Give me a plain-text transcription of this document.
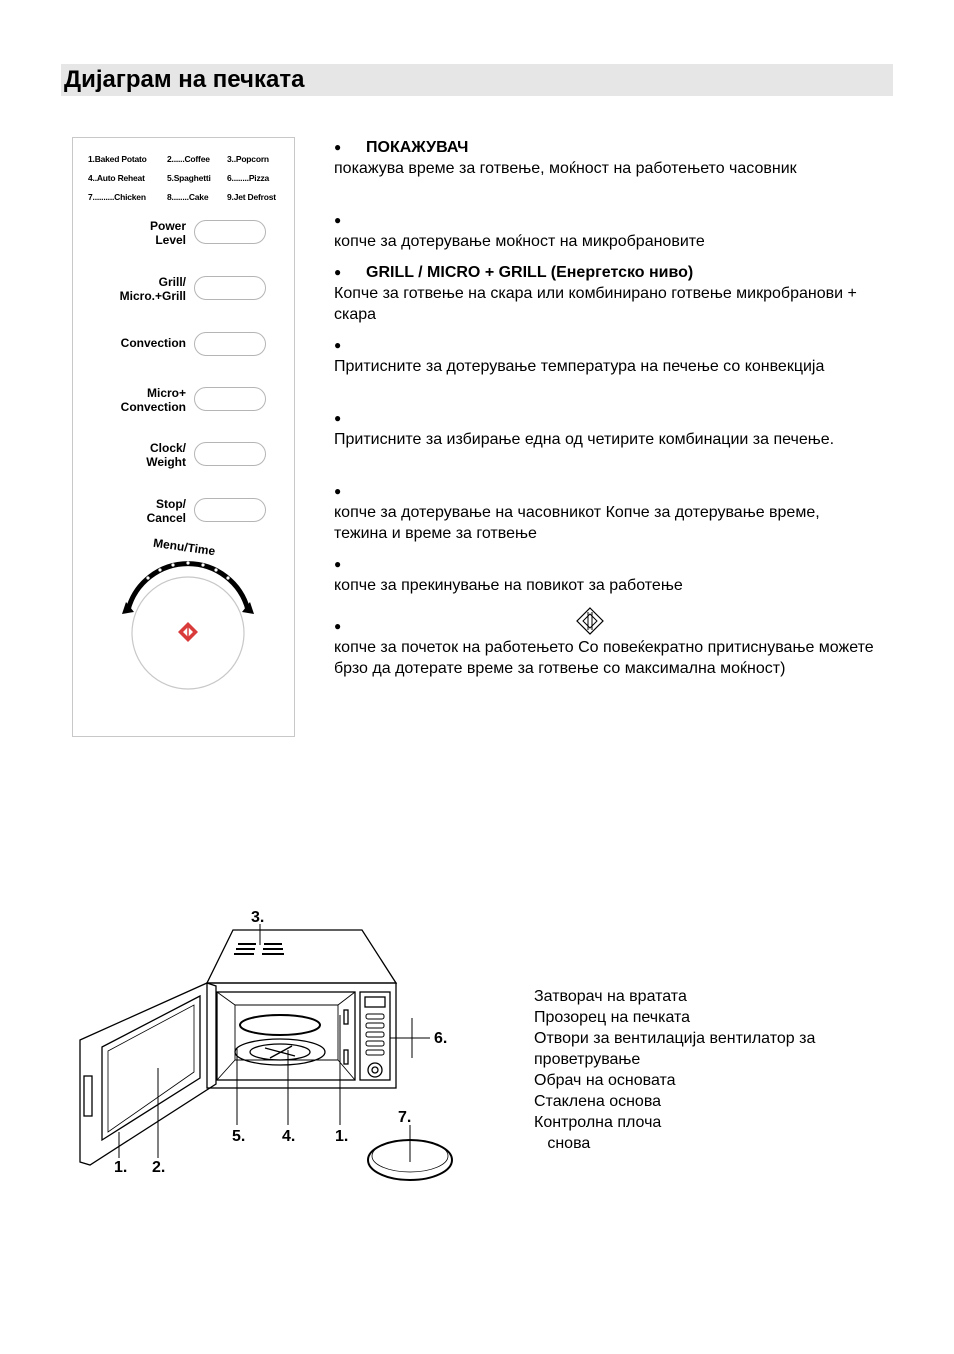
Дијаграм на печката
1.Baked Potato 2......Coffee 3..Popcorn
4..Auto Reheat	5.Spaghetti 6........Pizza
7..........Chicken 8........Cake 9.Jet Defrost
Power
Level
Grill/
Micro.+Grill
Convection
Micro+
Convection
Clock/
Weight
Stop/
Cancel
Menu/Time
● ПОКАЖУВАЧ
покажува време за готвење, моќност на работењето часовник
●
копче за дотерување моќност на микробрановите
● GRILL / MICRO + GRILL (Енергетско ниво)
Копче за готвење на скара или комбинирано готвење микробранови + скара
●
Притисните за дотерување температура на печење со конвекција
●
Притисните за избирање една од четирите комбинации за печење.
●
копче за дотерување на часовникот Копче за дотерување време, тежина и време за готвење
●
копче за прекинување на повикот за работење
●
копче за почеток на работењето Со повеќекратно притиснување можете брзо да дотерате време за готвење со максимална моќност)
3.
6.
5. 4. 1.
7.
1. 2.
Затворач на вратата
Прозорец на печката
Отвори за вентилација вентилатор за
проветрување
Обрач на основата
Стаклена основа
Контролна плоча
снова
